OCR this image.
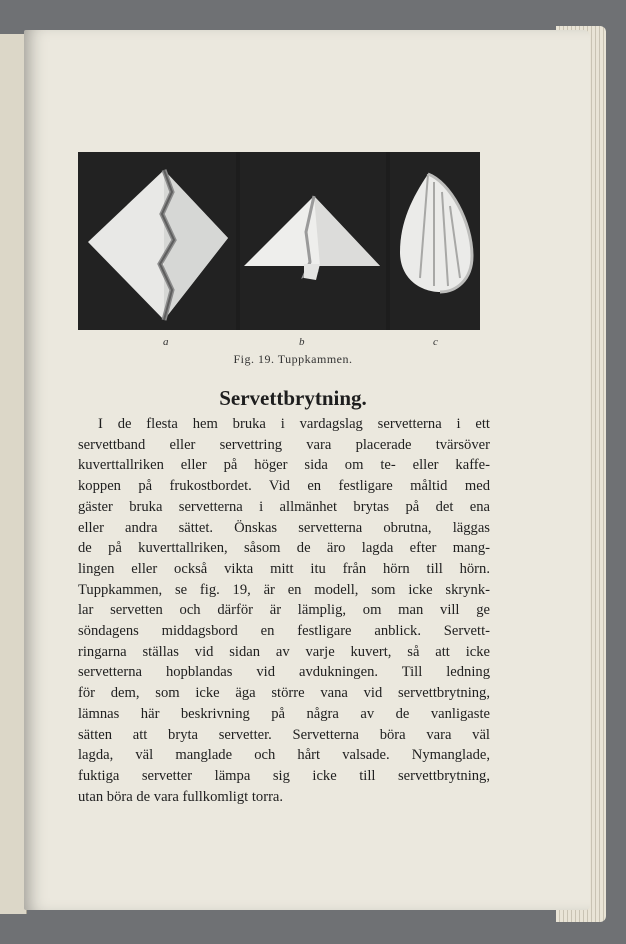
a	b	c
Fig. 19. Tuppkammen.
Servettbrytning.
I de flesta hem bruka i vardagslag servetterna i ett
servettband eller servettring vara placerade tvärsöver
kuverttallriken eller på höger sida om te- eller kaffe-
koppen på frukostbordet. Vid en festligare måltid med
gäster bruka servetterna i allmänhet brytas på det ena
eller andra sättet. Önskas servetterna obrutna, läggas
de på kuverttallriken, såsom de äro lagda efter mang-
lingen eller också vikta mitt itu från hörn till hörn.
Tuppkammen, se fig. 19, är en modell, som icke skrynk-
lar servetten och därför är lämplig, om man vill ge
söndagens middagsbord en festligare anblick. Servett-
ringarna ställas vid sidan av varje kuvert, så att icke
servetterna hopblandas vid avdukningen. Till ledning
för dem, som icke äga större vana vid servettbrytning,
lämnas här beskrivning på några av de vanligaste
sätten att bryta servetter. Servetterna böra vara väl
lagda, väl manglade och hårt valsade. Nymanglade,
fuktiga servetter lämpa sig icke till servettbrytning,
utan böra de vara fullkomligt torra.
